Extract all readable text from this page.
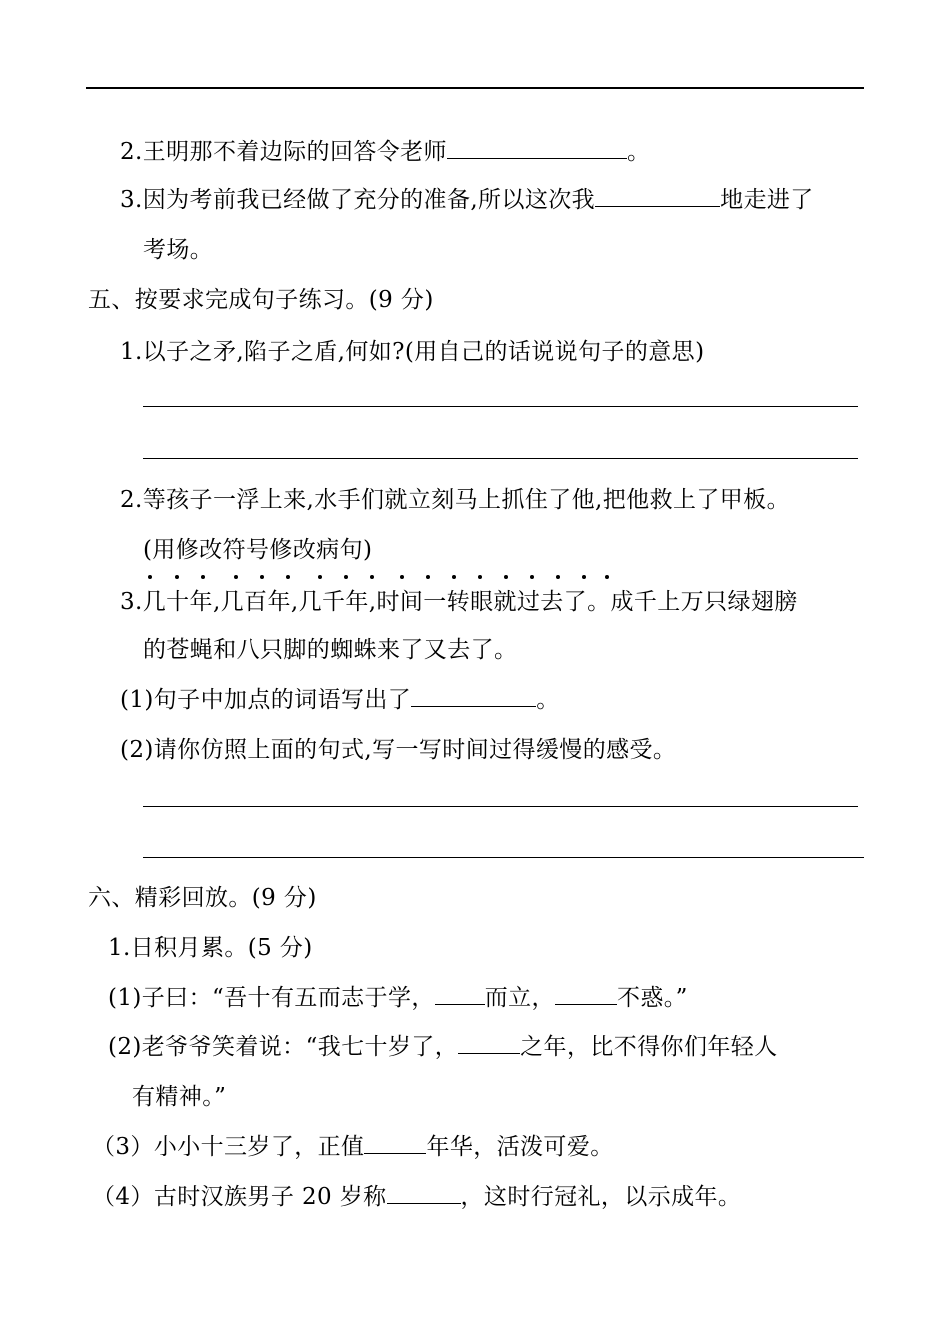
2.王明那不着边际的回答令老师	。
3.因为考前我已经做了充分的准备,所以这次我	地走进了
考场。
五、按要求完成句子练习。(9 分)
1.以子之矛,陷子之盾,何如?(用自己的话说说句子的意思)
2.等孩子一浮上来,水手们就立刻马上抓住了他,把他救上了甲板。
(用修改符号修改病句)
3.几十年,几百年,几千年,时间一转眼就过去了。成千上万只绿翅膀
的苍蝇和八只脚的蜘蛛来了又去了。
(1)句子中加点的词语写出了	。
(2)请你仿照上面的句式,写一写时间过得缓慢的感受。
六、精彩回放。(9 分)
1.日积月累。(5 分)
(1)子曰：“吾十有五而志于学， 而立，	不惑。”
(2)老爷爷笑着说：“我七十岁了，	之年，比不得你们年轻人
有精神。”
（3）小小十三岁了，正值	年华，活泼可爱。
（4）古时汉族男子 20 岁称	，这时行冠礼，以示成年。
